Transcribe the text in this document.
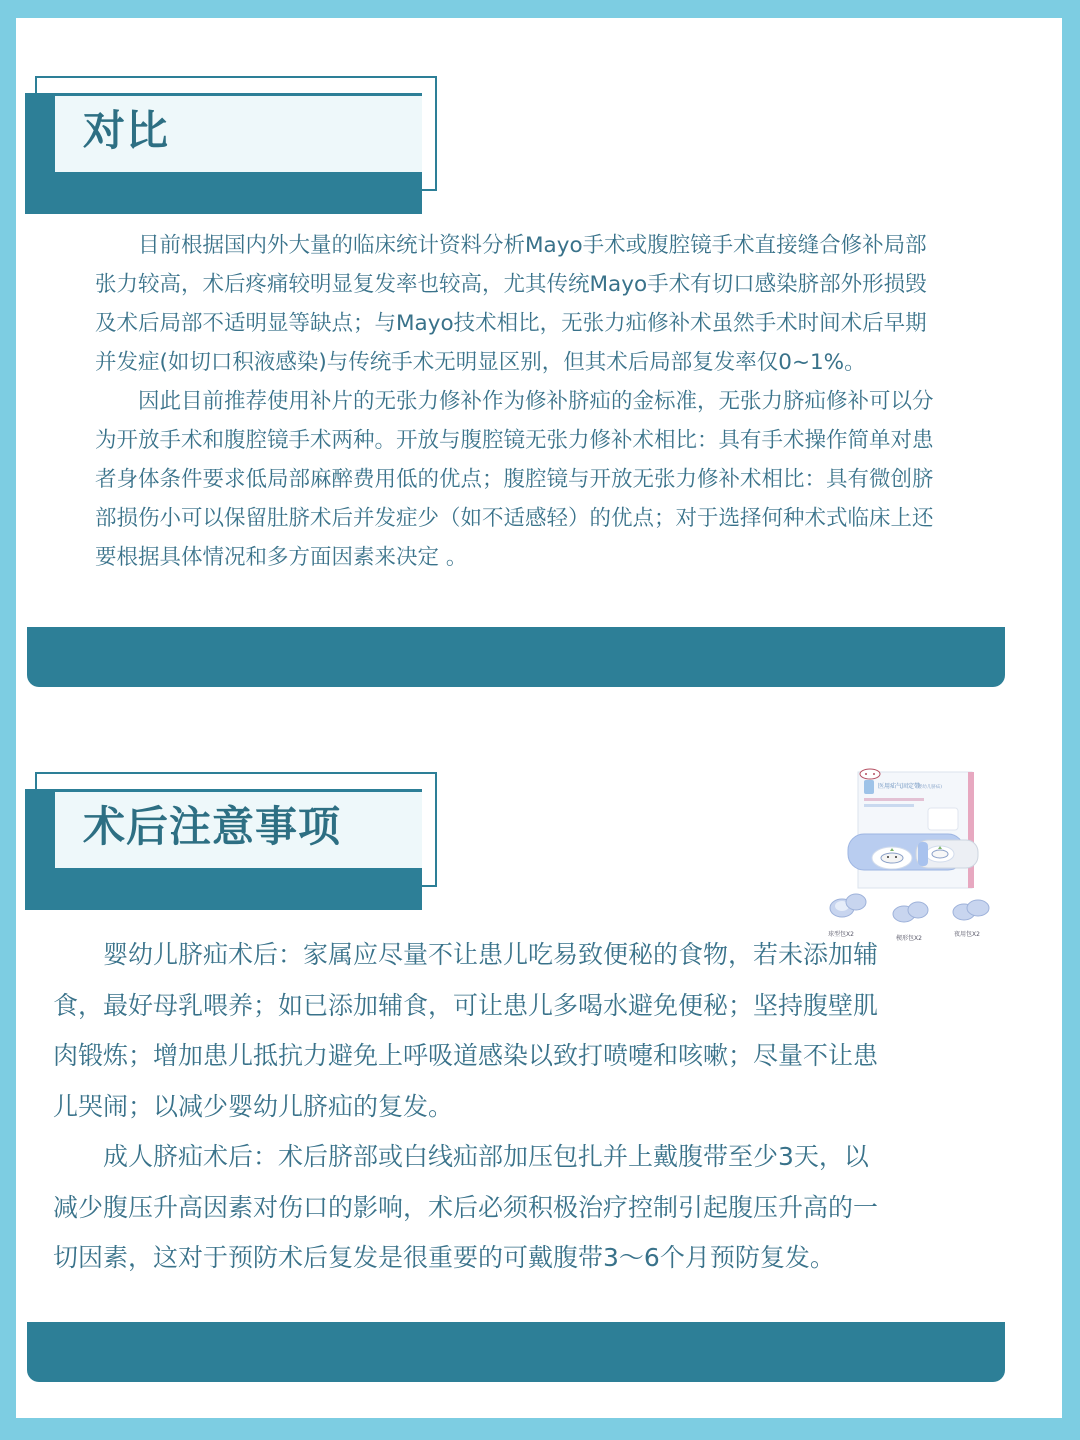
对比

目前根据国内外大量的临床统计资料分析Mayo手术或腹腔镜手术直接缝合修补局部张力较高，术后疼痛较明显复发率也较高，尤其传统Mayo手术有切口感染脐部外形损毁及术后局部不适明显等缺点；与Mayo技术相比，无张力疝修补术虽然手术时间术后早期并发症(如切口积液感染)与传统手术无明显区别，但其术后局部复发率仅0~1%。

因此目前推荐使用补片的无张力修补作为修补脐疝的金标准，无张力脐疝修补可以分为开放手术和腹腔镜手术两种。开放与腹腔镜无张力修补术相比：具有手术操作简单对患者身体条件要求低局部麻醉费用低的优点；腹腔镜与开放无张力修补术相比：具有微创脐部损伤小可以保留肚脐术后并发症少（如不适感轻）的优点；对于选择何种术式临床上还要根据具体情况和多方面因素来决定 。

术后注意事项
医用疝气固定带
(婴幼儿脐疝)
球型包X2
楔形包X2
夜用包X2

婴幼儿脐疝术后：家属应尽量不让患儿吃易致便秘的食物，若未添加辅食，最好母乳喂养；如已添加辅食，可让患儿多喝水避免便秘；坚持腹壁肌肉锻炼；增加患儿抵抗力避免上呼吸道感染以致打喷嚏和咳嗽；尽量不让患儿哭闹；以减少婴幼儿脐疝的复发。

成人脐疝术后：术后脐部或白线疝部加压包扎并上戴腹带至少3天，以减少腹压升高因素对伤口的影响，术后必须积极治疗控制引起腹压升高的一切因素，这对于预防术后复发是很重要的可戴腹带3～6个月预防复发。
